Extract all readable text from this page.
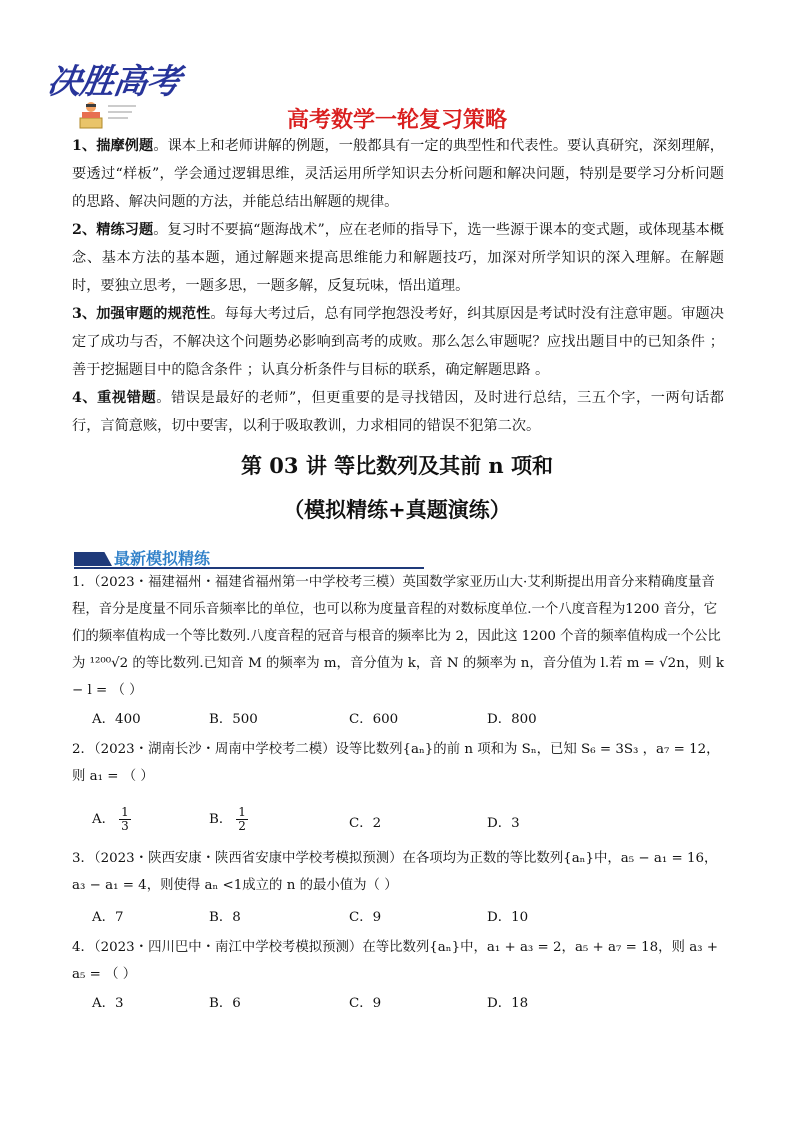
决胜高考
高考数学一轮复习策略
1、揣摩例题。课本上和老师讲解的例题，一般都具有一定的典型性和代表性。要认真研究，深刻理解，要透过“样板”，学会通过逻辑思维，灵活运用所学知识去分析问题和解决问题，特别是要学习分析问题的思路、解决问题的方法，并能总结出解题的规律。
2、精练习题。复习时不要搞“题海战术”，应在老师的指导下，选一些源于课本的变式题，或体现基本概念、基本方法的基本题，通过解题来提高思维能力和解题技巧，加深对所学知识的深入理解。在解题时，要独立思考，一题多思，一题多解，反复玩味，悟出道理。
3、加强审题的规范性。每每大考过后，总有同学抱怨没考好，纠其原因是考试时没有注意审题。审题决定了成功与否，不解决这个问题势必影响到高考的成败。那么怎么审题呢？应找出题目中的已知条件 ；善于挖掘题目中的隐含条件 ；认真分析条件与目标的联系，确定解题思路 。
4、重视错题。错误是最好的老师”，但更重要的是寻找错因，及时进行总结，三五个字，一两句话都行，言简意赅，切中要害，以利于吸取教训，力求相同的错误不犯第二次。
第 03 讲 等比数列及其前 n 项和
（模拟精练+真题演练）
最新模拟精练
1．（2023・福建福州・福建省福州第一中学校考三模）英国数学家亚历山大·艾利斯提出用音分来精确度量音程，音分是度量不同乐音频率比的单位，也可以称为度量音程的对数标度单位.一个八度音程为1200 音分，它们的频率值构成一个等比数列.八度音程的冠音与根音的频率比为 2，因此这 1200 个音的频率值构成一个公比为 ¹²⁰⁰√2 的等比数列.已知音 M 的频率为 m，音分值为 k，音 N 的频率为 n，音分值为 l.若 m = √2n，则 k − l = （ ）
A．400	B．500	C．600	D．800
2．（2023・湖南长沙・周南中学校考二模）设等比数列{aₙ}的前 n 项和为 Sₙ，已知 S₆ = 3S₃ ，a₇ = 12，则 a₁ = （ ）
A． $\frac{1}{3}$	B． $\frac{1}{2}$	C．2	D．3
3．（2023・陕西安康・陕西省安康中学校考模拟预测）在各项均为正数的等比数列{aₙ}中，a₅ − a₁ = 16，a₃ − a₁ = 4，则使得 aₙ <1成立的 n 的最小值为（ ）
A．7	B．8	C．9	D．10
4．（2023・四川巴中・南江中学校考模拟预测）在等比数列{aₙ}中，a₁ + a₃ = 2，a₅ + a₇ = 18，则 a₃ + a₅ = （ ）
A．3	B．6	C．9	D．18
